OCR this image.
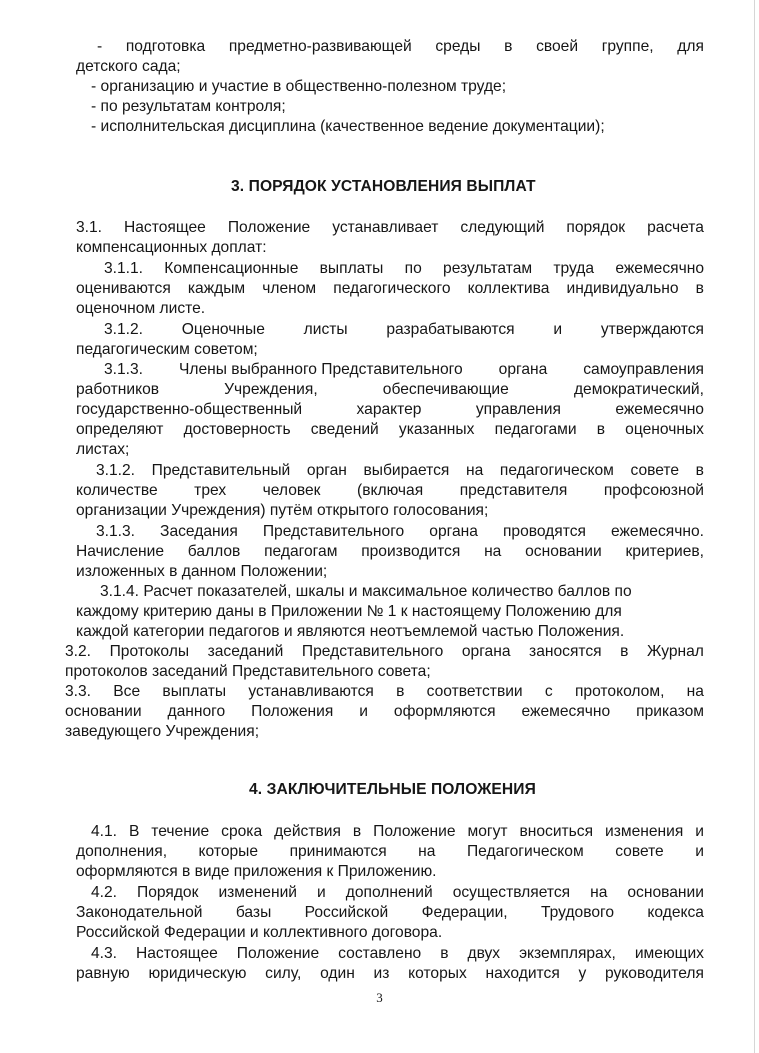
- подготовка предметно-развивающей среды в своей группе, для
детского сада;
- организацию и участие в общественно-полезном труде;
- по результатам контроля;
- исполнительская дисциплина (качественное ведение документации);
3. ПОРЯДОК УСТАНОВЛЕНИЯ ВЫПЛАТ
3.1. Настоящее Положение устанавливает следующий порядок расчета
компенсационных доплат:
3.1.1. Компенсационные выплаты по результатам труда ежемесячно
оцениваются каждым членом педагогического коллектива индивидуально в
оценочном листе.
3.1.2. Оценочные листы разрабатываются и утверждаются
педагогическим советом;
3.1.3. Члены выбранного Представительного органа самоуправления
работников	Учреждения,	обеспечивающие	демократический,
государственно-общественный	характер	управления	ежемесячно
определяют достоверность сведений указанных педагогами в оценочных
листах;
3.1.2. Представительный орган выбирается на педагогическом совете в
количестве трех человек (включая представителя профсоюзной
организации Учреждения) путём открытого голосования;
3.1.3. Заседания Представительного органа проводятся ежемесячно.
Начисление баллов педагогам производится на основании критериев,
изложенных в данном Положении;
3.1.4. Расчет показателей, шкалы и максимальное количество баллов по
каждому критерию даны в Приложении № 1 к настоящему Положению для
каждой категории педагогов и являются неотъемлемой частью Положения.
3.2. Протоколы заседаний Представительного органа заносятся в Журнал
протоколов заседаний Представительного совета;
3.3. Все выплаты устанавливаются в соответствии с протоколом, на
основании данного Положения и оформляются ежемесячно приказом
заведующего Учреждения;
4. ЗАКЛЮЧИТЕЛЬНЫЕ ПОЛОЖЕНИЯ
4.1. В течение срока действия в Положение могут вноситься изменения и
дополнения, которые принимаются на Педагогическом совете и
оформляются в виде приложения к Приложению.
4.2. Порядок изменений и дополнений осуществляется на основании
Законодательной базы Российской Федерации, Трудового кодекса
Российской Федерации и коллективного договора.
4.3. Настоящее Положение составлено в двух экземплярах, имеющих
равную юридическую силу, один из которых находится у руководителя
3
